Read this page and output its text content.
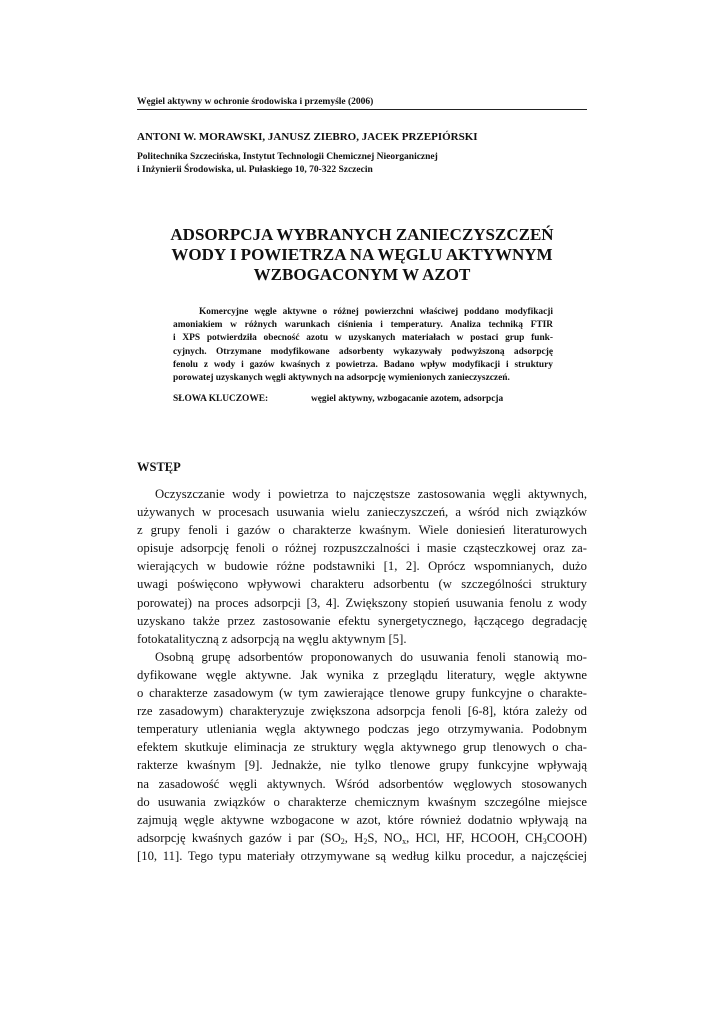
Węgiel aktywny w ochronie środowiska i przemyśle (2006)
ANTONI W. MORAWSKI, JANUSZ ZIEBRO, JACEK PRZEPIÓRSKI
Politechnika Szczecińska, Instytut Technologii Chemicznej Nieorganicznej
i Inżynierii Środowiska, ul. Pułaskiego 10, 70-322 Szczecin
ADSORPCJA WYBRANYCH ZANIECZYSZCZEŃ
WODY I POWIETRZA NA WĘGLU AKTYWNYM
WZBOGACONYM W AZOT
Komercyjne węgle aktywne o różnej powierzchni właściwej poddano modyfikacji
amoniakiem w różnych warunkach ciśnienia i temperatury. Analiza techniką FTIR
i XPS potwierdziła obecność azotu w uzyskanych materiałach w postaci grup funk-
cyjnych. Otrzymane modyfikowane adsorbenty wykazywały podwyższoną adsorpcję
fenolu z wody i gazów kwaśnych z powietrza. Badano wpływ modyfikacji i struktury
porowatej uzyskanych węgli aktywnych na adsorpcję wymienionych zanieczyszczeń.
SŁOWA KLUCZOWE:	węgiel aktywny, wzbogacanie azotem, adsorpcja
WSTĘP
Oczyszczanie wody i powietrza to najczęstsze zastosowania węgli aktywnych,
używanych w procesach usuwania wielu zanieczyszczeń, a wśród nich związków
z grupy fenoli i gazów o charakterze kwaśnym. Wiele doniesień literaturowych
opisuje adsorpcję fenoli o różnej rozpuszczalności i masie cząsteczkowej oraz za-
wierających w budowie różne podstawniki [1, 2]. Oprócz wspomnianych, dużo
uwagi poświęcono wpływowi charakteru adsorbentu (w szczególności struktury
porowatej) na proces adsorpcji [3, 4]. Zwiększony stopień usuwania fenolu z wody
uzyskano także przez zastosowanie efektu synergetycznego, łączącego degradację
fotokatalityczną z adsorpcją na węglu aktywnym [5].
Osobną grupę adsorbentów proponowanych do usuwania fenoli stanowią mo-
dyfikowane węgle aktywne. Jak wynika z przeglądu literatury, węgle aktywne
o charakterze zasadowym (w tym zawierające tlenowe grupy funkcyjne o charakte-
rze zasadowym) charakteryzuje zwiększona adsorpcja fenoli [6-8], która zależy od
temperatury utleniania węgla aktywnego podczas jego otrzymywania. Podobnym
efektem skutkuje eliminacja ze struktury węgla aktywnego grup tlenowych o cha-
rakterze kwaśnym [9]. Jednakże, nie tylko tlenowe grupy funkcyjne wpływają
na zasadowość węgli aktywnych. Wśród adsorbentów węglowych stosowanych
do usuwania związków o charakterze chemicznym kwaśnym szczególne miejsce
zajmują węgle aktywne wzbogacone w azot, które również dodatnio wpływają na
adsorpcję kwaśnych gazów i par ($SO_2$, $H_2S$, $NO_x$, HCl, HF, HCOOH, $CH_3COOH$)
[10, 11]. Tego typu materiały otrzymywane są według kilku procedur, a najczęściej
